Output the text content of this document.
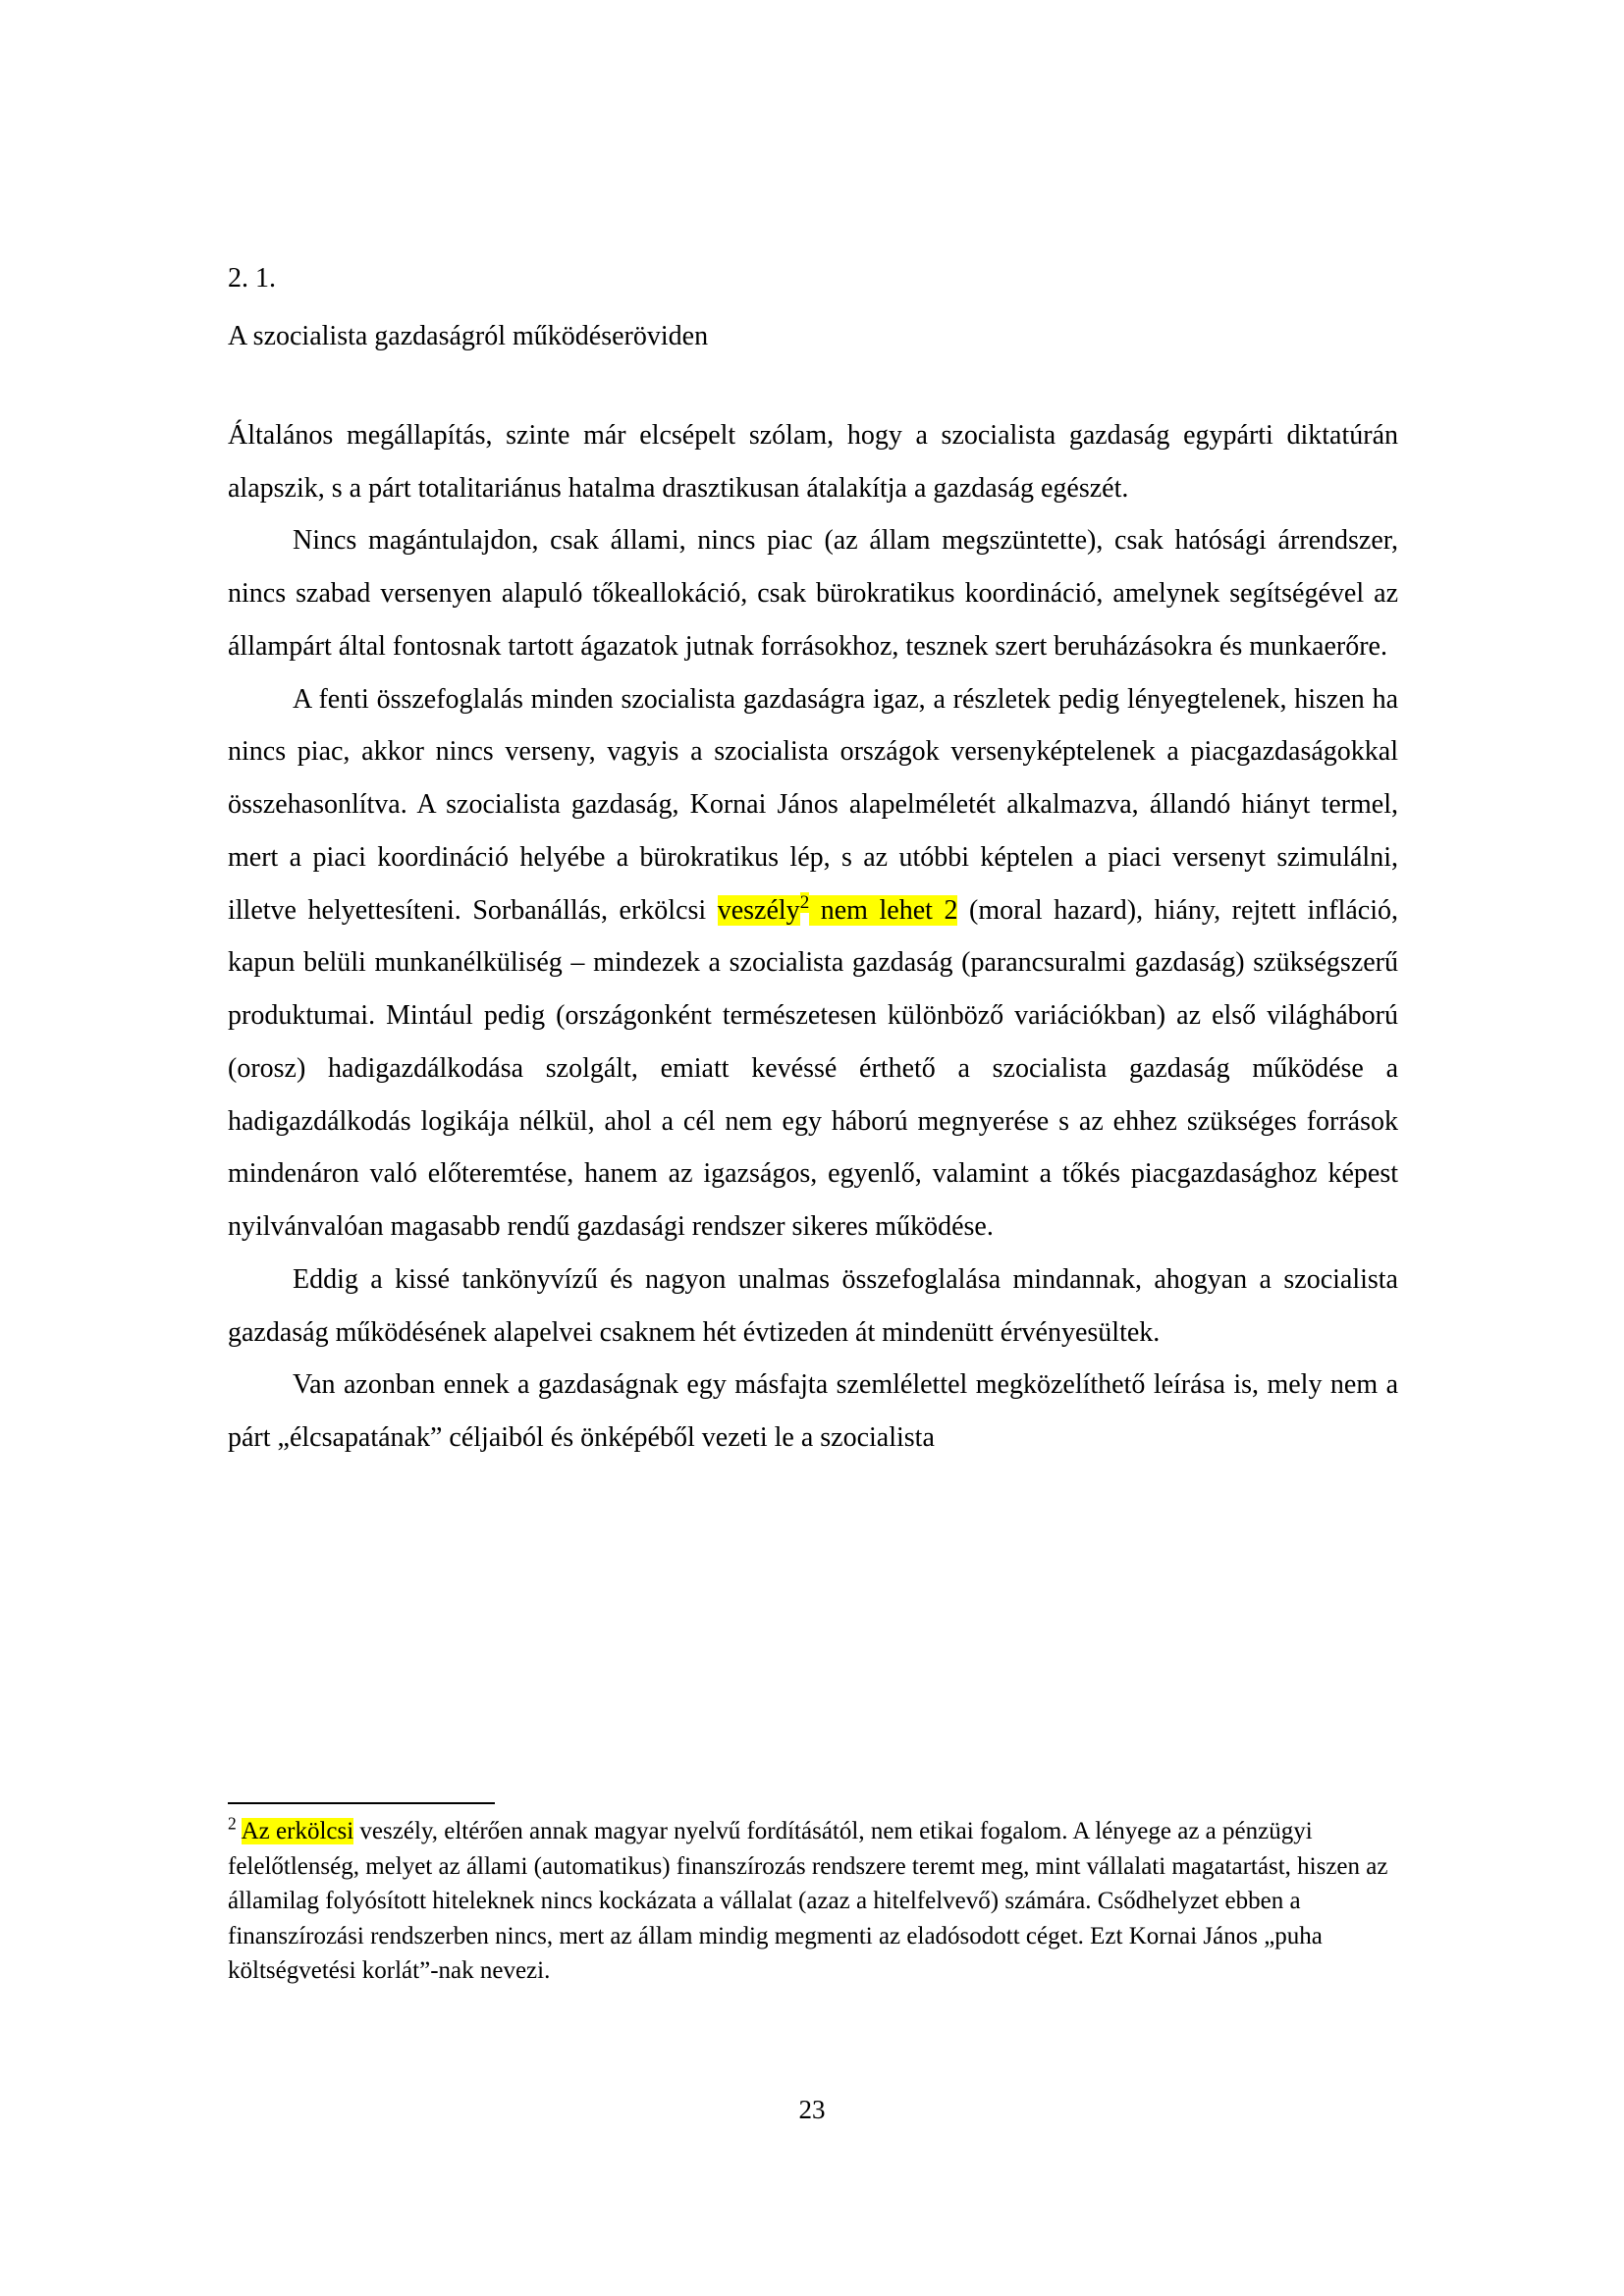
2. 1.
A szocialista gazdaságról működéseröviden

Általános megállapítás, szinte már elcsépelt szólam, hogy a szocialista gazdaság egypárti diktatúrán alapszik, s a párt totalitariánus hatalma drasztikusan átalakítja a gazdaság egészét.

Nincs magántulajdon, csak állami, nincs piac (az állam megszüntette), csak hatósági árrendszer, nincs szabad versenyen alapuló tőkeallokáció, csak bürokratikus koordináció, amelynek segítségével az állampárt által fontosnak tartott ágazatok jutnak forrásokhoz, tesznek szert beruházásokra és munkaerőre.

A fenti összefoglalás minden szocialista gazdaságra igaz, a részletek pedig lényegtelenek, hiszen ha nincs piac, akkor nincs verseny, vagyis a szocialista országok versenyképtelenek a piacgazdaságokkal összehasonlítva. A szocialista gazdaság, Kornai János alapelméletét alkalmazva, állandó hiányt termel, mert a piaci koordináció helyébe a bürokratikus lép, s az utóbbi képtelen a piaci versenyt szimulálni, illetve helyettesíteni. Sorbanállás, erkölcsi veszély$^2$ nem lehet 2 (moral hazard), hiány, rejtett infláció, kapun belüli munkanélküliség – mindezek a szocialista gazdaság (parancsuralmi gazdaság) szükségszerű produktumai. Mintául pedig (országonként természetesen különböző variációkban) az első világháború (orosz) hadigazdálkodása szolgált, emiatt kevéssé érthető a szocialista gazdaság működése a hadigazdálkodás logikája nélkül, ahol a cél nem egy háború megnyerése s az ehhez szükséges források mindenáron való előteremtése, hanem az igazságos, egyenlő, valamint a tőkés piacgazdasághoz képest nyilvánvalóan magasabb rendű gazdasági rendszer sikeres működése.

Eddig a kissé tankönyvízű és nagyon unalmas összefoglalása mindannak, ahogyan a szocialista gazdaság működésének alapelvei csaknem hét évtizeden át mindenütt érvényesültek.

Van azonban ennek a gazdaságnak egy másfajta szemlélettel megközelíthető leírása is, mely nem a párt „élcsapatának” céljaiból és önképéből vezeti le a szocialista

$^2$ Az erkölcsi veszély, eltérően annak magyar nyelvű fordításától, nem etikai fogalom. A lényege az a pénzügyi felelőtlenség, melyet az állami (automatikus) finanszírozás rendszere teremt meg, mint vállalati magatartást, hiszen az államilag folyósított hiteleknek nincs kockázata a vállalat (azaz a hitelfelvevő) számára. Csődhelyzet ebben a finanszírozási rendszerben nincs, mert az állam mindig megmenti az eladósodott céget. Ezt Kornai János „puha költségvetési korlát”-nak nevezi.

23
